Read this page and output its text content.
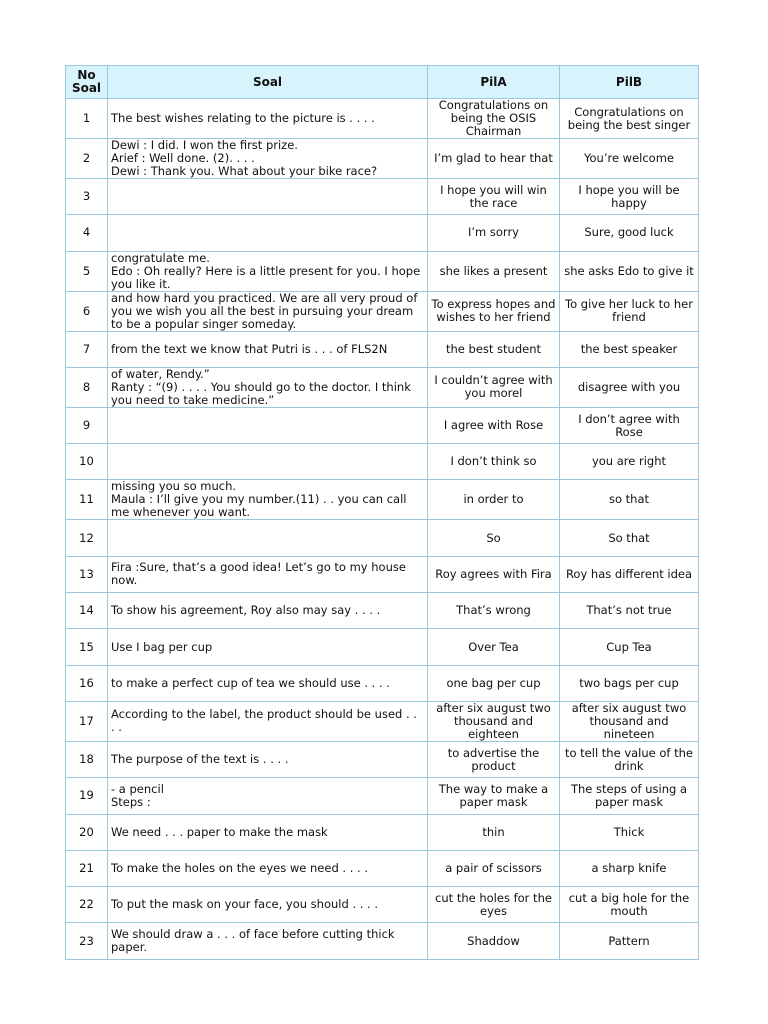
No Soal	Soal	PilA	PilB
1	The best wishes relating to the picture is . . . .	Congratulations on being the OSIS Chairman	Congratulations on being the best singer
2	Dewi : I did. I won the first prize.
Arief : Well done. (2). . . .
Dewi : Thank you. What about your bike race?	I’m glad to hear that	You’re welcome
3		I hope you will win the race	I hope you will be happy
4		I’m sorry	Sure, good luck
5	congratulate me.
Edo : Oh really? Here is a little present for you. I hope you like it.	she likes a present	she asks Edo to give it
6	and how hard you practiced. We are all very proud of you we wish you all the best in pursuing your dream to be a popular singer someday.	To express hopes and wishes to her friend	To give her luck to her friend
7	from the text we know that Putri is . . . of FLS2N	the best student	the best speaker
8	of water, Rendy.”
Ranty : “(9) . . . . You should go to the doctor. I think you need to take medicine.”	I couldn’t agree with you morel	disagree with you
9		I agree with Rose	I don’t agree with Rose
10		I don’t think so	you are right
11	missing you so much.
Maula : I’ll give you my number.(11) . . you can call me whenever you want.	in order to	so that
12		So	So that
13	Fira :Sure, that’s a good idea! Let’s go to my house now.	Roy agrees with Fira	Roy has different idea
14	To show his agreement, Roy also may say . . . .	That’s wrong	That’s not true
15	Use I bag per cup	Over Tea	Cup Tea
16	to make a perfect cup of tea we should use . . . .	one bag per cup	two bags per cup
17	According to the label, the product should be used . . . .	after six august two thousand and eighteen	after six august two thousand and nineteen
18	The purpose of the text is . . . .	to advertise the product	to tell the value of the drink
19	- a pencil
Steps :	The way to make a paper mask	The steps of using a paper mask
20	We need . . . paper to make the mask	thin	Thick
21	To make the holes on the eyes we need . . . .	a pair of scissors	a sharp knife
22	To put the mask on your face, you should . . . .	cut the holes for the eyes	cut a big hole for the mouth
23	We should draw a . . . of face before cutting thick paper.	Shaddow	Pattern
